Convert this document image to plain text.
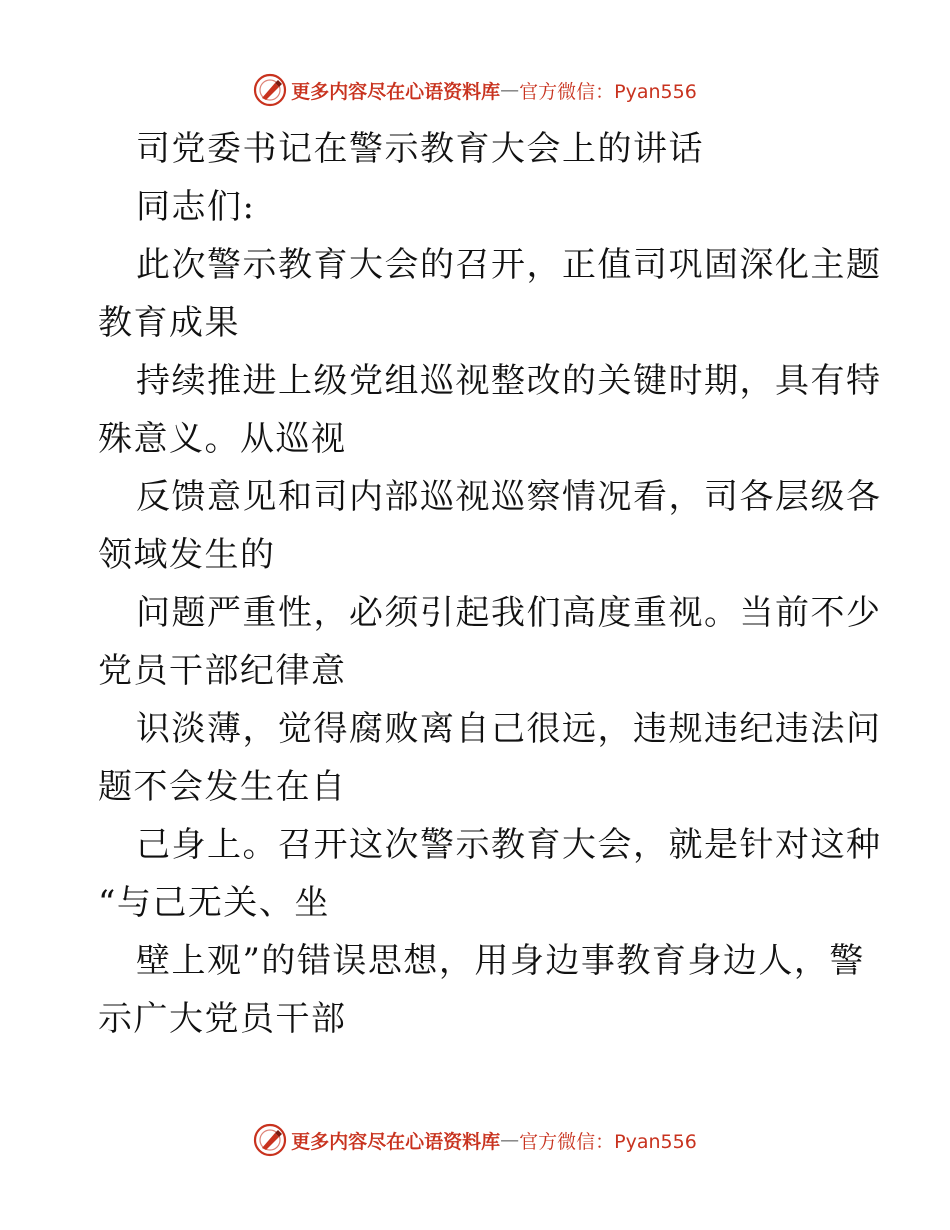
更多内容尽在心语资料库 — 官方微信：Pyan556
司党委书记在警示教育大会上的讲话
同志们:
此次警示教育大会的召开，正值司巩固深化主题
教育成果
持续推进上级党组巡视整改的关键时期，具有特
殊意义。从巡视
反馈意见和司内部巡视巡察情况看，司各层级各
领域发生的
问题严重性，必须引起我们高度重视。当前不少
党员干部纪律意
识淡薄，觉得腐败离自己很远，违规违纪违法问
题不会发生在自
己身上。召开这次警示教育大会，就是针对这种
“与己无关、坐
壁上观”的错误思想，用身边事教育身边人，警
示广大党员干部
更多内容尽在心语资料库 — 官方微信：Pyan556
